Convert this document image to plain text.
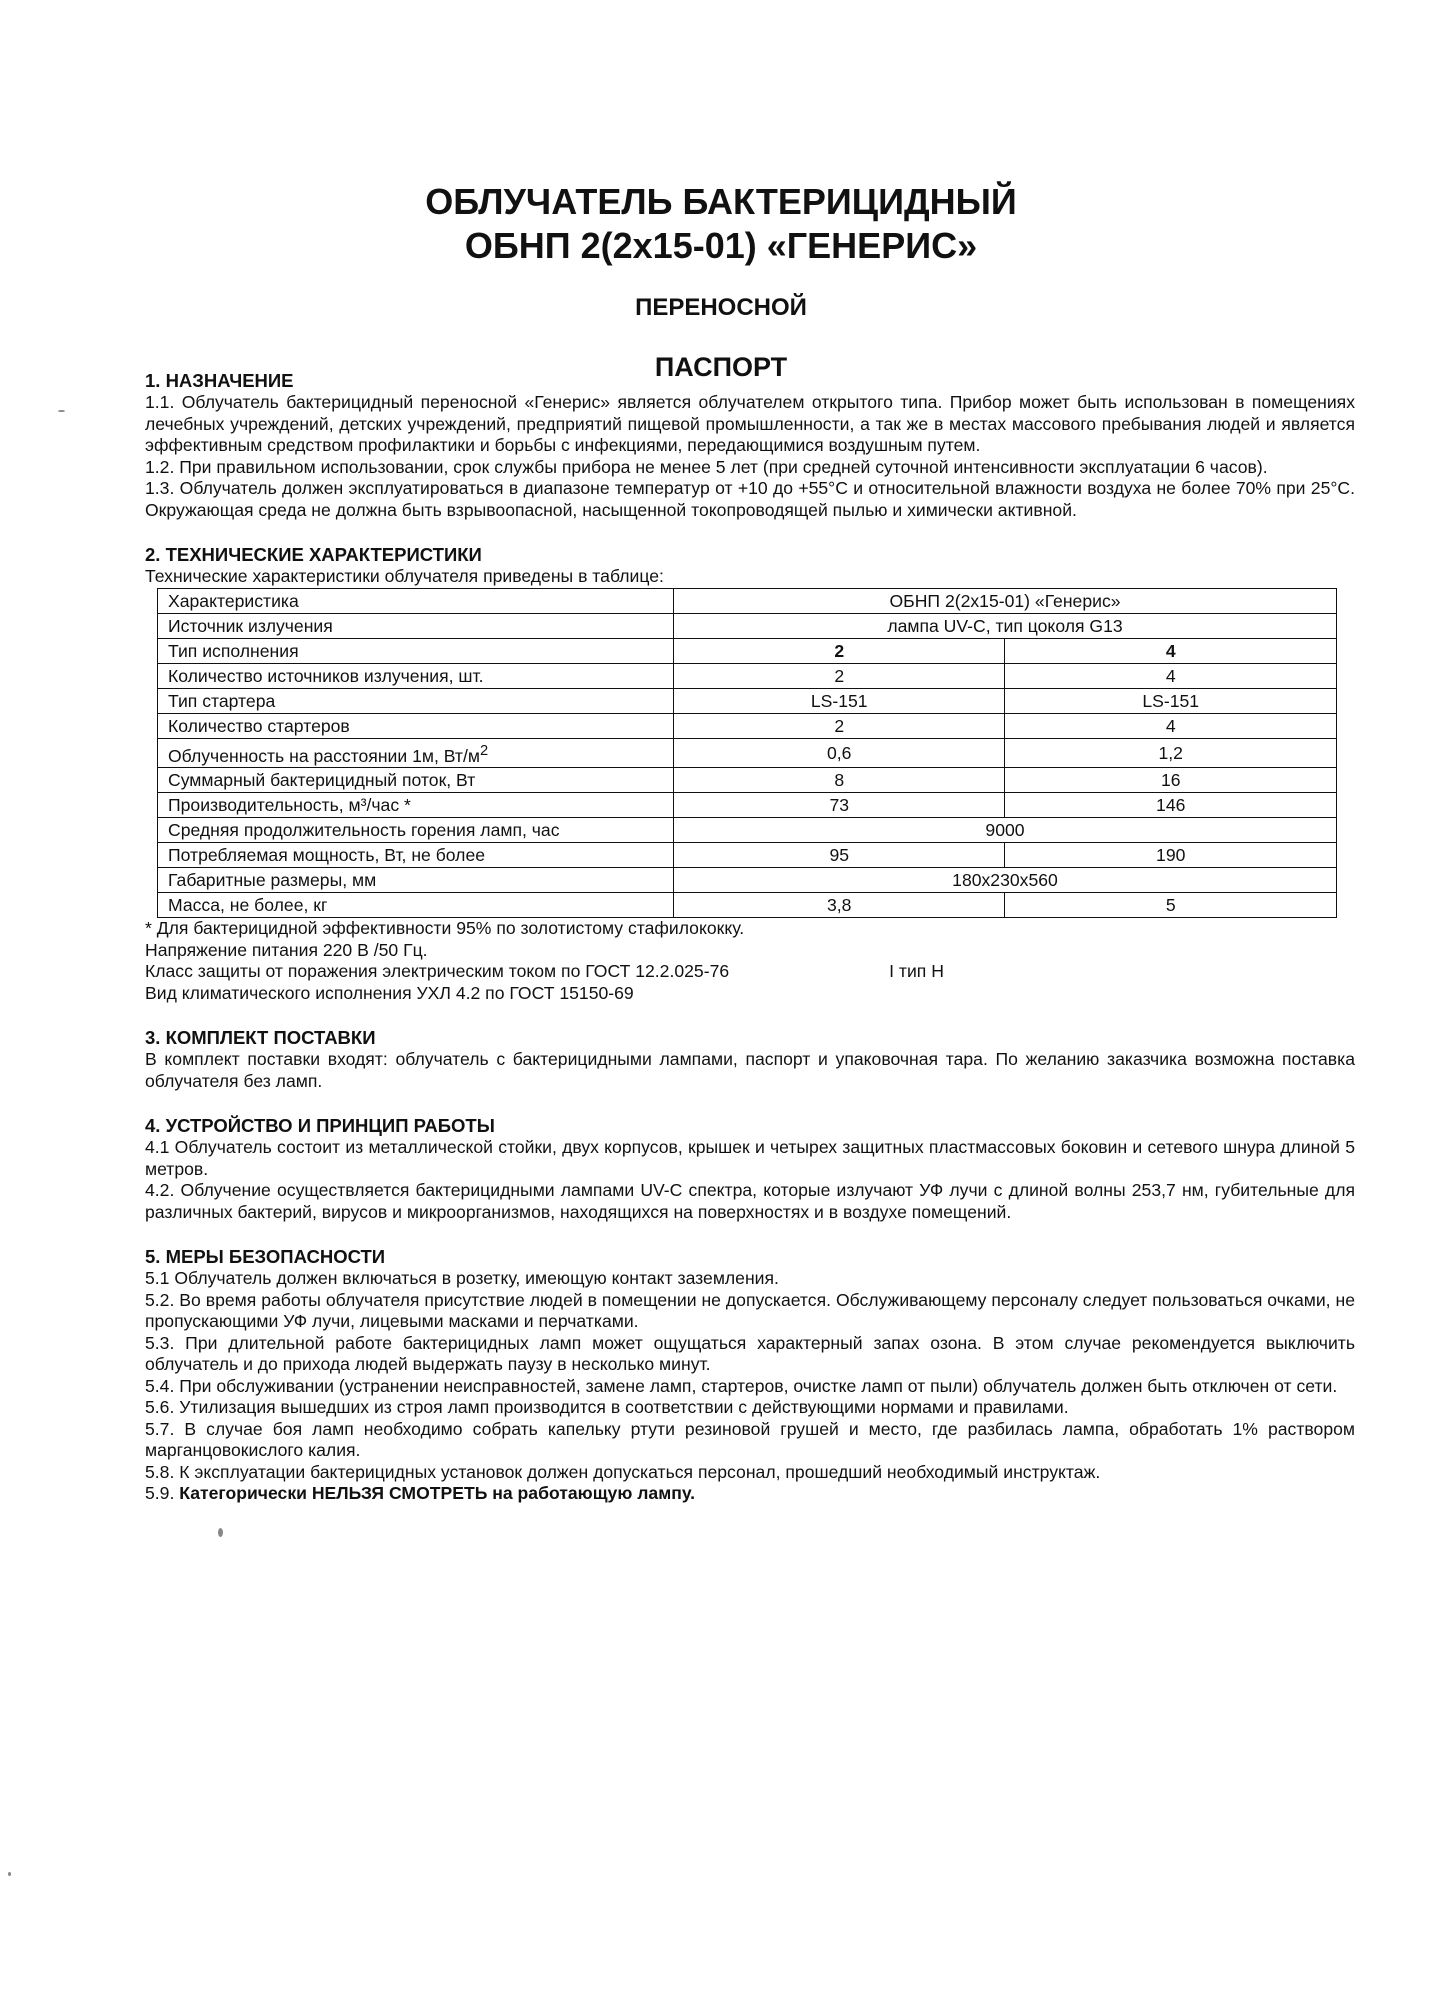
ОБЛУЧАТЕЛЬ БАКТЕРИЦИДНЫЙ
ОБНП 2(2х15-01) «ГЕНЕРИС»
ПЕРЕНОСНОЙ
ПАСПОРТ
1. НАЗНАЧЕНИЕ
1.1. Облучатель бактерицидный переносной «Генерис» является облучателем открытого типа. Прибор может быть использован в помещениях лечебных учреждений, детских учреждений, предприятий пищевой промышленности, а так же в местах массового пребывания людей и является эффективным средством профилактики и борьбы с инфекциями, передающимися воздушным путем.
1.2. При правильном использовании, срок службы прибора не менее 5 лет (при средней суточной интенсивности эксплуатации 6 часов).
1.3. Облучатель должен эксплуатироваться в диапазоне температур от +10 до +55°С и относительной влажности воздуха не более 70% при 25°С. Окружающая среда не должна быть взрывоопасной, насыщенной токопроводящей пылью и химически активной.
2. ТЕХНИЧЕСКИЕ ХАРАКТЕРИСТИКИ
Технические характеристики облучателя приведены в таблице:
Характеристика	ОБНП 2(2х15-01) «Генерис»	
Источник излучения	лампа UV-C, тип цоколя G13	
Тип исполнения	2	4
Количество источников излучения, шт.	2	4
Тип стартера	LS-151	LS-151
Количество стартеров	2	4
Облученность на расстоянии 1м, $Вт/м^2$	0,6	1,2
Суммарный бактерицидный поток, Вт	8	16
Производительность, м³/час *	73	146
Средняя продолжительность горения ламп, час	9000	
Потребляемая мощность, Вт, не более	95	190
Габаритные размеры, мм	180х230х560	
Масса, не более, кг	3,8	5
* Для бактерицидной эффективности 95% по золотистому стафилококку.
Напряжение питания 220 В /50 Гц.
Класс защиты от поражения электрическим током по ГОСТ 12.2.025-76	I тип Н
Вид климатического исполнения УХЛ 4.2 по ГОСТ 15150-69
3. КОМПЛЕКТ ПОСТАВКИ
В комплект поставки входят: облучатель с бактерицидными лампами, паспорт и упаковочная тара. По желанию заказчика возможна поставка облучателя без ламп.
4. УСТРОЙСТВО И ПРИНЦИП РАБОТЫ
4.1 Облучатель состоит из металлической стойки, двух корпусов, крышек и четырех защитных пластмассовых боковин и сетевого шнура длиной 5 метров.
4.2. Облучение осуществляется бактерицидными лампами UV-C спектра, которые излучают УФ лучи с длиной волны 253,7 нм, губительные для различных бактерий, вирусов и микроорганизмов, находящихся на поверхностях и в воздухе помещений.
5. МЕРЫ БЕЗОПАСНОСТИ
5.1 Облучатель должен включаться в розетку, имеющую контакт заземления.
5.2. Во время работы облучателя присутствие людей в помещении не допускается. Обслуживающему персоналу следует пользоваться очками, не пропускающими УФ лучи, лицевыми масками и перчатками.
5.3. При длительной работе бактерицидных ламп может ощущаться характерный запах озона. В этом случае рекомендуется выключить облучатель и до прихода людей выдержать паузу в несколько минут.
5.4. При обслуживании (устранении неисправностей, замене ламп, стартеров, очистке ламп от пыли) облучатель должен быть отключен от сети.
5.6. Утилизация вышедших из строя ламп производится в соответствии с действующими нормами и правилами.
5.7. В случае боя ламп необходимо собрать капельку ртути резиновой грушей и место, где разбилась лампа, обработать 1% раствором марганцовокислого калия.
5.8. К эксплуатации бактерицидных установок должен допускаться персонал, прошедший необходимый инструктаж.
5.9. Категорически НЕЛЬЗЯ СМОТРЕТЬ на работающую лампу.
